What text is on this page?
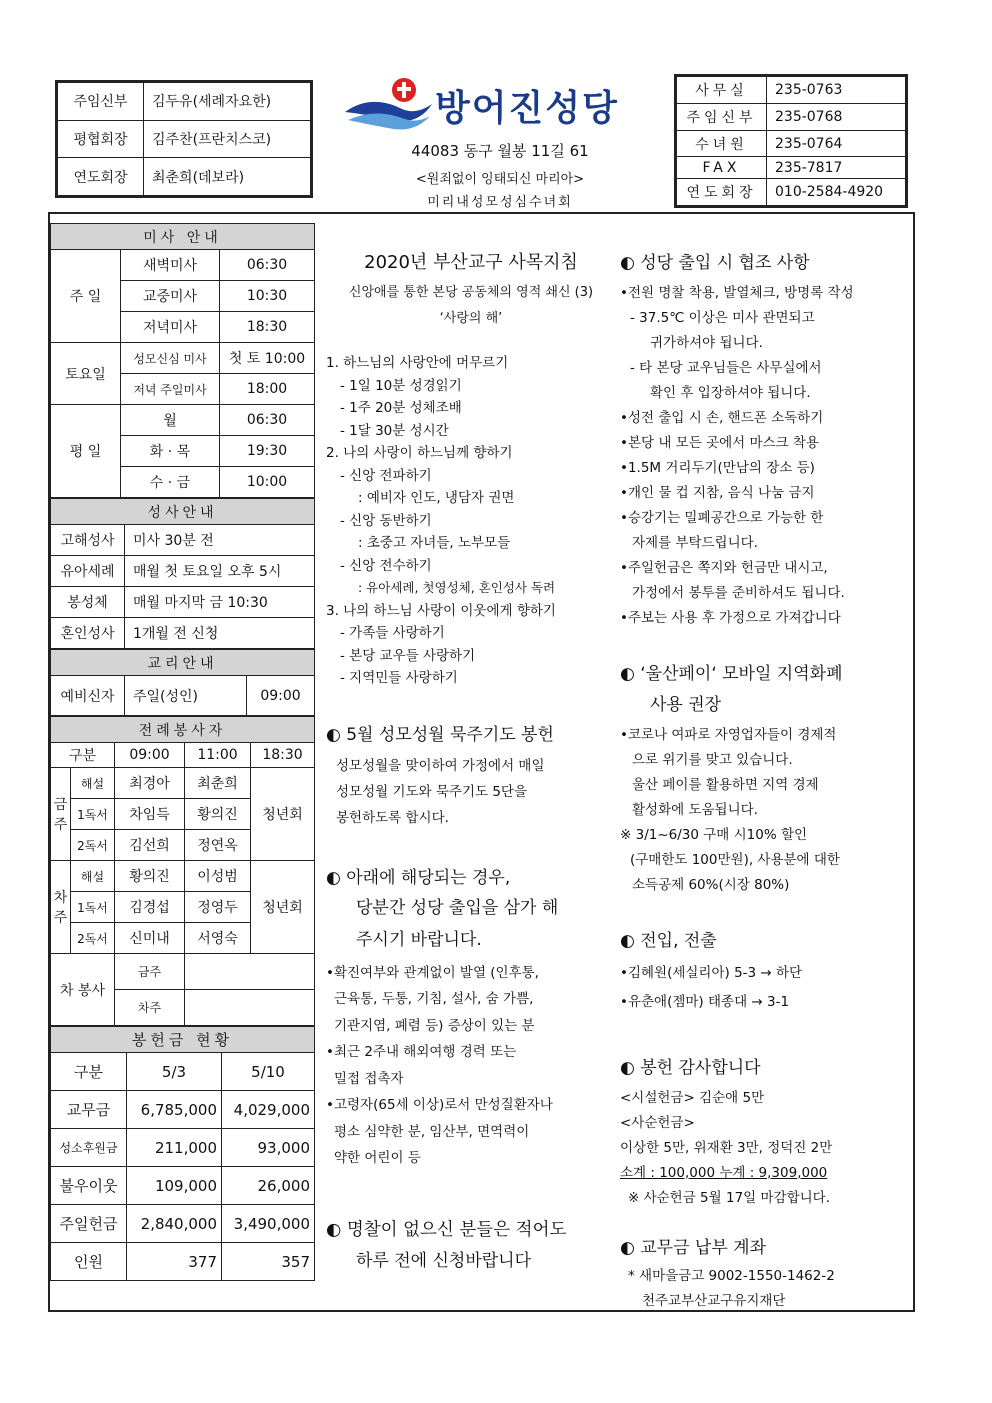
주임신부	김두유(세례자요한)
평협회장	김주찬(프란치스코)
연도회장	최춘희(데보라)
방어진성당
44083 동구 월봉 11길 61
<원죄없이 잉태되신 마리아>
미리내성모성심수녀회
사무실	235-0763
주임신부	235-0768
수녀원	235-0764
FAX	235-7817
연도회장	010-2584-4920
미사 안내		
주 일	새벽미사	06:30
	교중미사	10:30
	저녁미사	18:30
토요일	성모신심 미사	첫 토 10:00
	저녁 주일미사	18:00
평 일	월	06:30
	화 · 목	19:30
	수 · 금	10:00
성사안내	
고해성사	미사 30분 전
유아세례	매월 첫 토요일 오후 5시
봉성체	매월 마지막 금 10:30
혼인성사	1개월 전 신청
교리안내
예비신자	주일(성인)	09:00
전례봉사자				
구분		09:00	11:00	18:30
금주	해설	최경아	최춘희	청년회
	1독서	차임득	황의진	
	2독서	김선희	정연옥	
차주	해설	황의진	이성범	청년회
	1독서	김경섭	정영두	
	2독서	신미내	서영숙	
차 봉사		금주		
		차주		
봉헌금 현황		
구분	5/3	5/10
교무금	6,785,000	4,029,000
성소후원금	211,000	93,000
불우이웃	109,000	26,000
주일헌금	2,840,000	3,490,000
인원	377	357
2020년 부산교구 사목지침
신앙애를 통한 본당 공동체의 영적 쇄신 (3)
‘사랑의 해’
1. 하느님의 사랑안에 머무르기
- 1일 10분 성경읽기
- 1주 20분 성체조배
- 1달 30분 성시간
2. 나의 사랑이 하느님께 향하기
- 신앙 전파하기
: 예비자 인도, 냉담자 권면
- 신앙 동반하기
: 초중고 자녀들, 노부모들
- 신앙 전수하기
: 유아세례, 첫영성체, 혼인성사 독려
3. 나의 하느님 사랑이 이웃에게 향하기
- 가족들 사랑하기
- 본당 교우들 사랑하기
- 지역민들 사랑하기
◐ 5월 성모성월 묵주기도 봉헌
성모성월을 맞이하여 가정에서 매일
성모성월 기도와 묵주기도 5단을
봉헌하도록 합시다.
◐ 아래에 해당되는 경우,
당분간 성당 출입을 삼가 해
주시기 바랍니다.
•확진여부와 관계없이 발열 (인후통,
근육통, 두통, 기침, 설사, 숨 가쁨,
기관지염, 폐렴 등) 증상이 있는 분
•최근 2주내 해외여행 경력 또는
밀접 접촉자
•고령자(65세 이상)로서 만성질환자나
평소 심약한 분, 임산부, 면역력이
약한 어린이 등
◐ 명찰이 없으신 분들은 적어도
하루 전에 신청바랍니다
◐ 성당 출입 시 협조 사항
•전원 명찰 착용, 발열체크, 방명록 작성
- 37.5℃ 이상은 미사 관면되고
귀가하셔야 됩니다.
- 타 본당 교우님들은 사무실에서
확인 후 입장하셔야 됩니다.
•성전 출입 시 손, 핸드폰 소독하기
•본당 내 모든 곳에서 마스크 착용
•1.5M 거리두기(만남의 장소 등)
•개인 물 컵 지참, 음식 나눔 금지
•승강기는 밀폐공간으로 가능한 한
자제를 부탁드립니다.
•주일헌금은 쪽지와 헌금만 내시고,
가정에서 봉투를 준비하셔도 됩니다.
•주보는 사용 후 가정으로 가져갑니다
◐ ‘울산페이‘ 모바일 지역화폐
사용 권장
•코로나 여파로 자영업자들이 경제적
으로 위기를 맞고 있습니다.
울산 페이를 활용하면 지역 경제
활성화에 도움됩니다.
※ 3/1~6/30 구매 시10% 할인
(구매한도 100만원), 사용분에 대한
소득공제 60%(시장 80%)
◐ 전입, 전출
•김혜원(세실리아) 5-3 → 하단
•유춘애(젬마) 태종대 → 3-1
◐ 봉헌 감사합니다
<시설헌금> 김순애 5만
<사순헌금>
이상한 5만, 위재환 3만, 정덕진 2만
소계 : 100,000 누계 : 9,309,000
※ 사순헌금 5월 17일 마감합니다.
◐ 교무금 납부 계좌
* 새마을금고 9002-1550-1462-2
천주교부산교구유지재단
